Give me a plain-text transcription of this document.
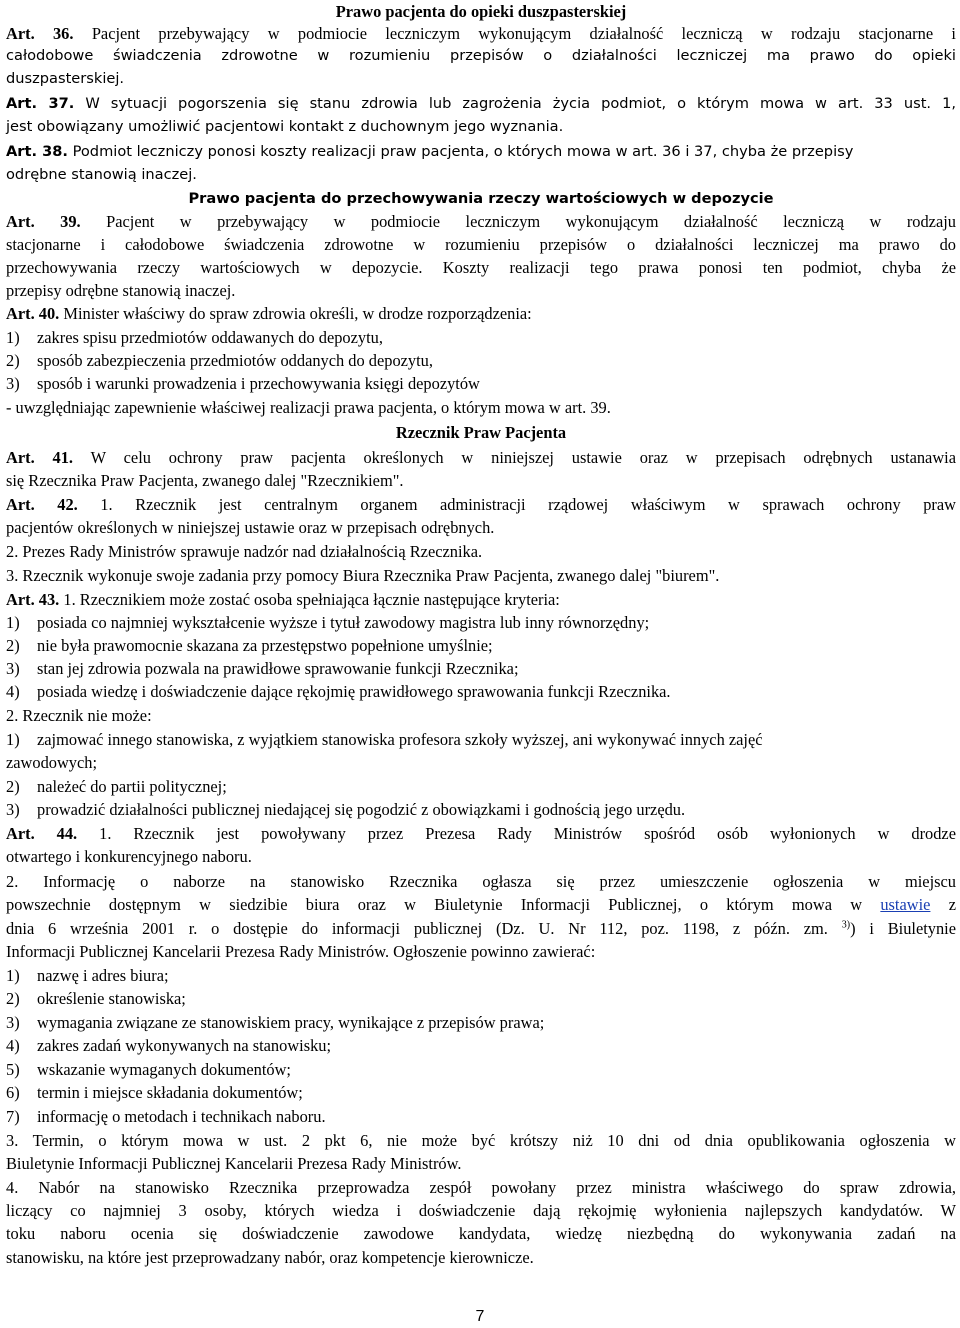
Prawo pacjenta do opieki duszpasterskiej
Art. 36. Pacjent przebywający w podmiocie leczniczym wykonującym działalność leczniczą w rodzaju stacjonarne i
całodobowe świadczenia zdrowotne w rozumieniu przepisów o działalności leczniczej ma prawo do opieki
duszpasterskiej.
Art. 37. W sytuacji pogorszenia się stanu zdrowia lub zagrożenia życia podmiot, o którym mowa w art. 33 ust. 1,
jest obowiązany umożliwić pacjentowi kontakt z duchownym jego wyznania.
Art. 38. Podmiot leczniczy ponosi koszty realizacji praw pacjenta, o których mowa w art. 36 i 37, chyba że przepisy
odrębne stanowią inaczej.
Prawo pacjenta do przechowywania rzeczy wartościowych w depozycie
Art. 39. Pacjent w przebywający w podmiocie leczniczym wykonującym działalność leczniczą w rodzaju
stacjonarne i całodobowe świadczenia zdrowotne w rozumieniu przepisów o działalności leczniczej ma prawo do
przechowywania rzeczy wartościowych w depozycie. Koszty realizacji tego prawa ponosi ten podmiot, chyba że
przepisy odrębne stanowią inaczej.
Art. 40. Minister właściwy do spraw zdrowia określi, w drodze rozporządzenia:
1) zakres spisu przedmiotów oddawanych do depozytu,
2) sposób zabezpieczenia przedmiotów oddanych do depozytu,
3) sposób i warunki prowadzenia i przechowywania księgi depozytów
- uwzględniając zapewnienie właściwej realizacji prawa pacjenta, o którym mowa w art. 39.
Rzecznik Praw Pacjenta
Art. 41. W celu ochrony praw pacjenta określonych w niniejszej ustawie oraz w przepisach odrębnych ustanawia
się Rzecznika Praw Pacjenta, zwanego dalej "Rzecznikiem".
Art. 42. 1. Rzecznik jest centralnym organem administracji rządowej właściwym w sprawach ochrony praw
pacjentów określonych w niniejszej ustawie oraz w przepisach odrębnych.
2. Prezes Rady Ministrów sprawuje nadzór nad działalnością Rzecznika.
3. Rzecznik wykonuje swoje zadania przy pomocy Biura Rzecznika Praw Pacjenta, zwanego dalej "biurem".
Art. 43. 1. Rzecznikiem może zostać osoba spełniająca łącznie następujące kryteria:
1) posiada co najmniej wykształcenie wyższe i tytuł zawodowy magistra lub inny równorzędny;
2) nie była prawomocnie skazana za przestępstwo popełnione umyślnie;
3) stan jej zdrowia pozwala na prawidłowe sprawowanie funkcji Rzecznika;
4) posiada wiedzę i doświadczenie dające rękojmię prawidłowego sprawowania funkcji Rzecznika.
2. Rzecznik nie może:
1) zajmować innego stanowiska, z wyjątkiem stanowiska profesora szkoły wyższej, ani wykonywać innych zajęć
zawodowych;
2) należeć do partii politycznej;
3) prowadzić działalności publicznej niedającej się pogodzić z obowiązkami i godnością jego urzędu.
Art. 44. 1. Rzecznik jest powoływany przez Prezesa Rady Ministrów spośród osób wyłonionych w drodze
otwartego i konkurencyjnego naboru.
2. Informację o naborze na stanowisko Rzecznika ogłasza się przez umieszczenie ogłoszenia w miejscu
powszechnie dostępnym w siedzibie biura oraz w Biuletynie Informacji Publicznej, o którym mowa w ustawie z
dnia 6 września 2001 r. o dostępie do informacji publicznej (Dz. U. Nr 112, poz. 1198, z późn. zm. $^{3)}$) i Biuletynie
Informacji Publicznej Kancelarii Prezesa Rady Ministrów. Ogłoszenie powinno zawierać:
1) nazwę i adres biura;
2) określenie stanowiska;
3) wymagania związane ze stanowiskiem pracy, wynikające z przepisów prawa;
4) zakres zadań wykonywanych na stanowisku;
5) wskazanie wymaganych dokumentów;
6) termin i miejsce składania dokumentów;
7) informację o metodach i technikach naboru.
3. Termin, o którym mowa w ust. 2 pkt 6, nie może być krótszy niż 10 dni od dnia opublikowania ogłoszenia w
Biuletynie Informacji Publicznej Kancelarii Prezesa Rady Ministrów.
4. Nabór na stanowisko Rzecznika przeprowadza zespół powołany przez ministra właściwego do spraw zdrowia,
liczący co najmniej 3 osoby, których wiedza i doświadczenie dają rękojmię wyłonienia najlepszych kandydatów. W
toku naboru ocenia się doświadczenie zawodowe kandydata, wiedzę niezbędną do wykonywania zadań na
stanowisku, na które jest przeprowadzany nabór, oraz kompetencje kierownicze.
7
